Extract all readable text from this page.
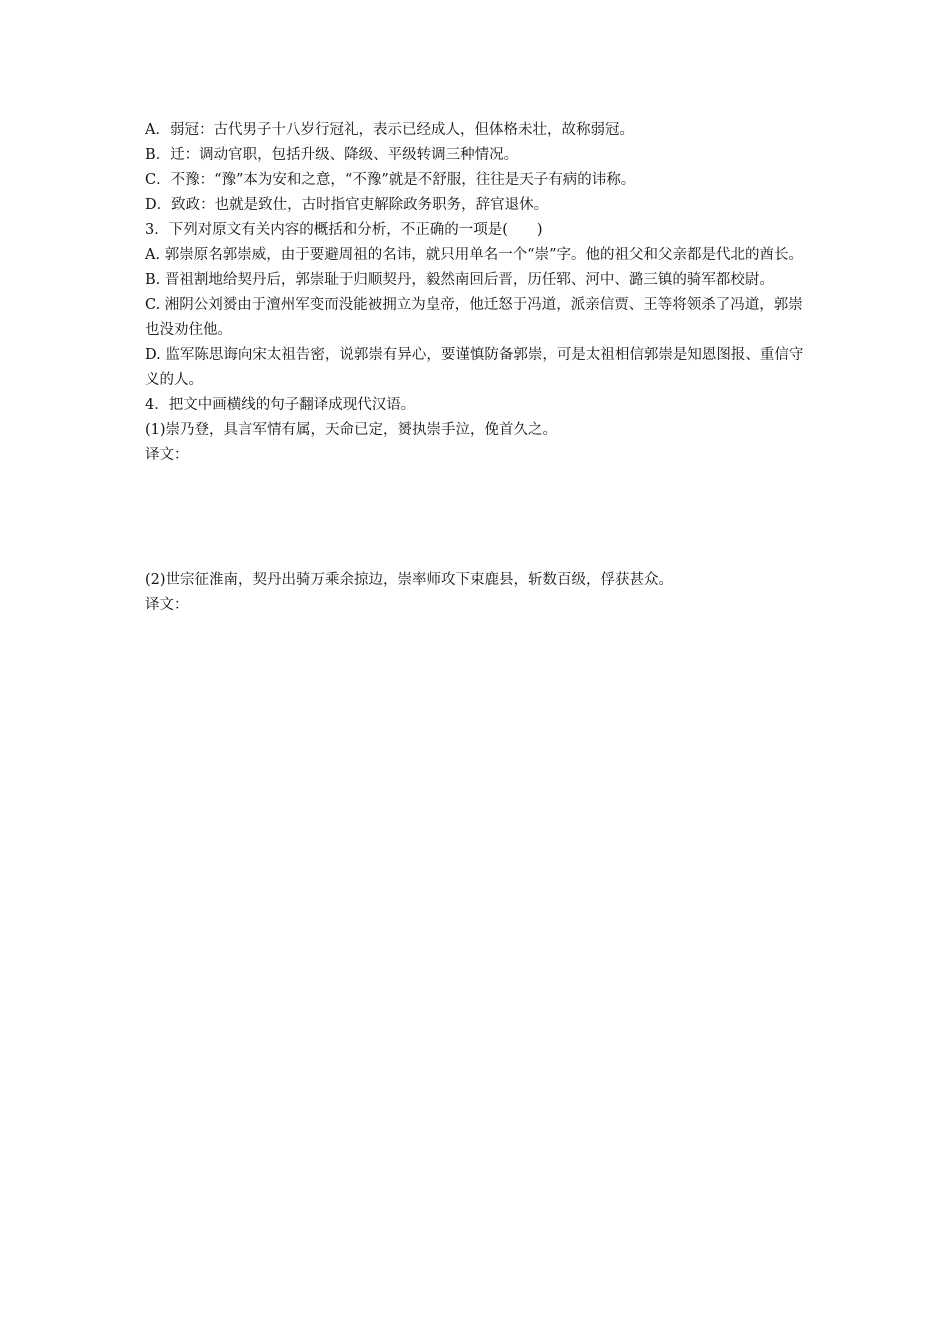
A．弱冠：古代男子十八岁行冠礼，表示已经成人，但体格未壮，故称弱冠。

B．迁：调动官职，包括升级、降级、平级转调三种情况。

C．不豫：“豫”本为安和之意，“不豫”就是不舒服，往往是天子有病的讳称。

D．致政：也就是致仕，古时指官吏解除政务职务，辞官退休。

3．下列对原文有关内容的概括和分析，不正确的一项是(　　)

A. 郭崇原名郭崇威，由于要避周祖的名讳，就只用单名一个“崇”字。他的祖父和父亲都是代北的酋长。

B. 晋祖割地给契丹后，郭崇耻于归顺契丹，毅然南回后晋，历任郓、河中、潞三镇的骑军都校尉。

C. 湘阴公刘赟由于澶州军变而没能被拥立为皇帝，他迁怒于冯道，派亲信贾、王等将领杀了冯道，郭崇也没劝住他。

D. 监军陈思诲向宋太祖告密，说郭崇有异心，要谨慎防备郭崇，可是太祖相信郭崇是知恩图报、重信守义的人。

4．把文中画横线的句子翻译成现代汉语。

(1)崇乃登，具言军情有属，天命已定，赟执崇手泣，俛首久之。

译文：

(2)世宗征淮南，契丹出骑万乘余掠边，崇率师攻下束鹿县，斩数百级，俘获甚众。

译文：
